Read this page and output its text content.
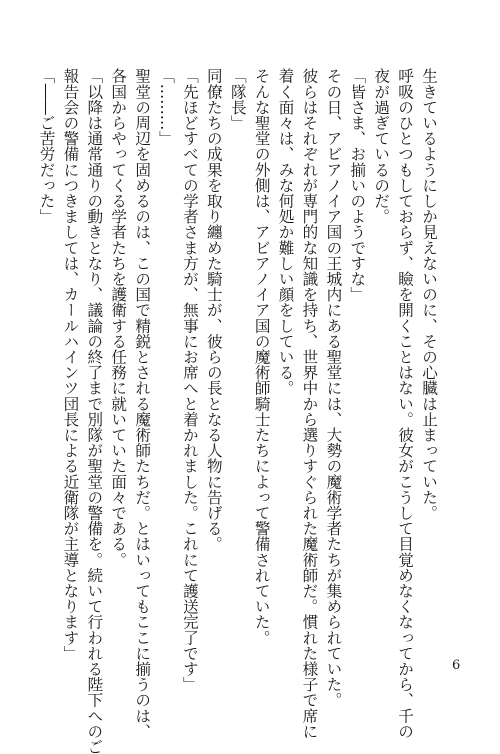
生きているようにしか見えないのに、その心臓は止まっていた。
呼吸のひとつもしておらず、瞼を開くことはない。彼女がこうして目覚めなくなってから、千の
夜が過ぎているのだ。
「皆さま、お揃いのようですな」
その日、アビアノイア国の王城内にある聖堂には、大勢の魔術学者たちが集められていた。
彼らはそれぞれが専門的な知識を持ち、世界中から選りすぐられた魔術師だ。慣れた様子で席に
着く面々は、みな何処か難しい顔をしている。
そんな聖堂の外側は、アビアノイア国の魔術師騎士たちによって警備されていた。
「隊長」
同僚たちの成果を取り纏めた騎士が、彼らの長となる人物に告げる。
「先ほどすべての学者さま方が、無事にお席へと着かれました。これにて護送完了です」
「………」
聖堂の周辺を固めるのは、この国で精鋭とされる魔術師たちだ。とはいってもここに揃うのは、
各国からやってくる学者たちを護衛する任務に就いていた面々である。
「以降は通常通りの動きとなり、議論の終了まで別隊が聖堂の警備を。続いて行われる陛下へのご
報告会の警備につきましては、カールハインツ団長による近衛隊が主導となります」
「――ご苦労だった」
6
